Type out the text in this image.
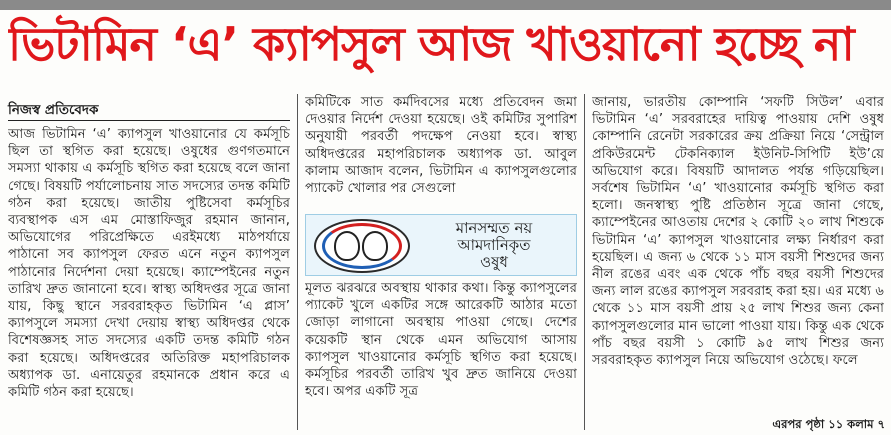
ভিটামিন ‘এ’ ক্যাপসুল আজ খাওয়ানো হচ্ছে না
নিজস্ব প্রতিবেদক

আজ ভিটামিন ‘এ’ ক্যাপসুল খাওয়ানোর যে কর্মসূচি ছিল তা স্থগিত করা হয়েছে। ওষুধের গুণগতমানে সমস্যা থাকায় এ কর্মসূচি স্থগিত করা হয়েছে বলে জানা গেছে। বিষয়টি পর্যালোচনায় সাত সদস্যের তদন্ত কমিটি গঠন করা হয়েছে। জাতীয় পুষ্টিসেবা কর্মসূচির ব্যবস্থাপক এস এম মোস্তাফিজুর রহমান জানান, অভিযোগের পরিপ্রেক্ষিতে এরইমধ্যে মাঠপর্যায়ে পাঠানো সব ক্যাপসুল ফেরত এনে নতুন ক্যাপসুল পাঠানোর নির্দেশনা দেয়া হয়েছে। ক্যাম্পেইনের নতুন তারিখ দ্রুত জানানো হবে। স্বাস্থ্য অধিদপ্তর সূত্রে জানা যায়, কিছু স্থানে সরবরাহকৃত ভিটামিন ‘এ প্লাস’ ক্যাপসুলে সমস্যা দেখা দেয়ায় স্বাস্থ্য অধিদপ্তর থেকে বিশেষজ্ঞসহ সাত সদস্যের একটি তদন্ত কমিটি গঠন করা হয়েছে। অধিদপ্তরের অতিরিক্ত মহাপরিচালক অধ্যাপক ডা. এনায়েতুর রহমানকে প্রধান করে এ কমিটি গঠন করা হয়েছে।

কমিটিকে সাত কর্মদিবসের মধ্যে প্রতিবেদন জমা দেওয়ার নির্দেশ দেওয়া হয়েছে। ওই কমিটির সুপারিশ অনুযায়ী পরবর্তী পদক্ষেপ নেওয়া হবে। স্বাস্থ্য অধিদপ্তরের মহাপরিচালক অধ্যাপক ডা. আবুল কালাম আজাদ বলেন, ভিটামিন এ ক্যাপসুলগুলোর প্যাকেট খোলার পর সেগুলো

মানসম্মত নয়
আমদানিকৃত
ওষুধ

মূলত ঝরঝরে অবস্থায় থাকার কথা। কিন্তু ক্যাপসুলের প্যাকেট খুলে একটির সঙ্গে আরেকটি আঠার মতো জোড়া লাগানো অবস্থায় পাওয়া গেছে। দেশের কয়েকটি স্থান থেকে এমন অভিযোগ আসায় ক্যাপসুল খাওয়ানোর কর্মসূচি স্থগিত করা হয়েছে। কর্মসূচির পরবর্তী তারিখ খুব দ্রুত জানিয়ে দেওয়া হবে। অপর একটি সূত্র

জানায়, ভারতীয় কোম্পানি ‘সফটি সিউল’ এবার ভিটামিন ‘এ’ সরবরাহের দায়িত্ব পাওয়ায় দেশি ওষুধ কোম্পানি রেনেটা সরকারের ক্রয় প্রক্রিয়া নিয়ে ‘সেন্ট্রাল প্রকিউরমেন্ট টেকনিক্যাল ইউনিট-সিপিটি ইউ’য়ে অভিযোগ করে। বিষয়টি আদালত পর্যন্ত গড়িয়েছিল। সর্বশেষ ভিটামিন ‘এ’ খাওয়ানোর কর্মসূচি স্থগিত করা হলো। জনস্বাস্থ্য পুষ্টি প্রতিষ্ঠান সূত্রে জানা গেছে, ক্যাম্পেইনের আওতায় দেশের ২ কোটি ২০ লাখ শিশুকে ভিটামিন ‘এ’ ক্যাপসুল খাওয়ানোর লক্ষ্য নির্ধারণ করা হয়েছিল। এ জন্য ৬ থেকে ১১ মাস বয়সী শিশুদের জন্য নীল রঙের এবং এক থেকে পাঁচ বছর বয়সী শিশুদের জন্য লাল রঙের ক্যাপসুল সরবরাহ করা হয়। এর মধ্যে ৬ থেকে ১১ মাস বয়সী প্রায় ২৫ লাখ শিশুর জন্য কেনা ক্যাপসুলগুলোর মান ভালো পাওয়া যায়। কিন্তু এক থেকে পাঁচ বছর বয়সী ১ কোটি ৯৫ লাখ শিশুর জন্য সরবরাহকৃত ক্যাপসুল নিয়ে অভিযোগ ওঠেছে। ফলে

এরপর পৃষ্ঠা ১১ কলাম ৭
